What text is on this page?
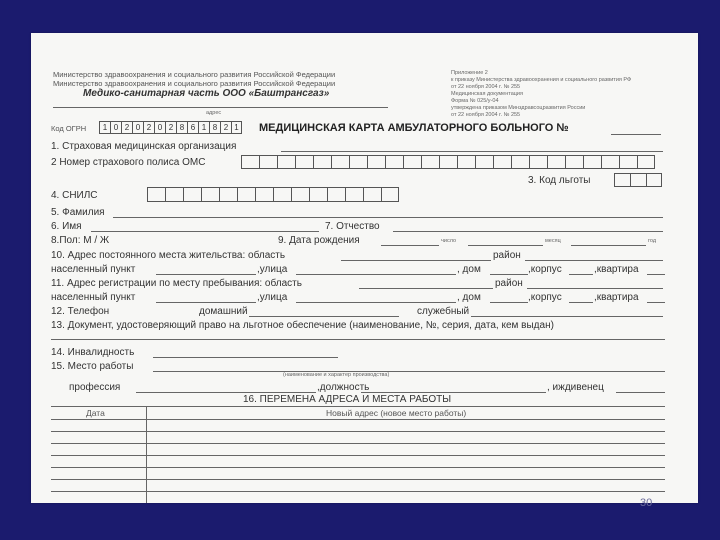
Министерство здравоохранения и социального развития Российской Федерации
Министерство здравоохранения и социального развития Российской Федерации
Медико-санитарная часть ООО «Баштрансгаз»
адрес
Приложение 2
к приказу Министерства здравоохранения и социального развития РФ
от 22 ноября 2004 г. № 255
Медицинская документация
Форма № 025/у-04
утверждена приказом Минздравсоцразвития России
от 22 ноября 2004 г. № 255
Код ОГРН	1 0 2 0 2 0 2 8 6 1 8 2 1 МЕДИЦИНСКАЯ КАРТА АМБУЛАТОРНОГО БОЛЬНОГО №
1. Страховая медицинская организация
2 Номер страхового полиса ОМС
3. Код льготы
4. СНИЛС
5. Фамилия
6. Имя	7. Отчество
8.Пол: М / Ж	9. Дата рождения	число	месяц	год
10. Адрес постоянного места жительства: область	район
населенный пункт	,улица	, дом	,корпус	,квартира
11. Адрес регистрации по месту пребывания: область	район
населенный пункт	,улица	, дом	,корпус	,квартира
12. Телефон	домашний	служебный
13. Документ, удостоверяющий право на льготное обеспечение (наименование, №, серия, дата, кем выдан)
14. Инвалидность
15. Место работы
(наименование и характер производства)
профессия	,должность	, иждивенец
16. ПЕРЕМЕНА АДРЕСА И МЕСТА РАБОТЫ
Дата	Новый адрес (новое место работы)
30
